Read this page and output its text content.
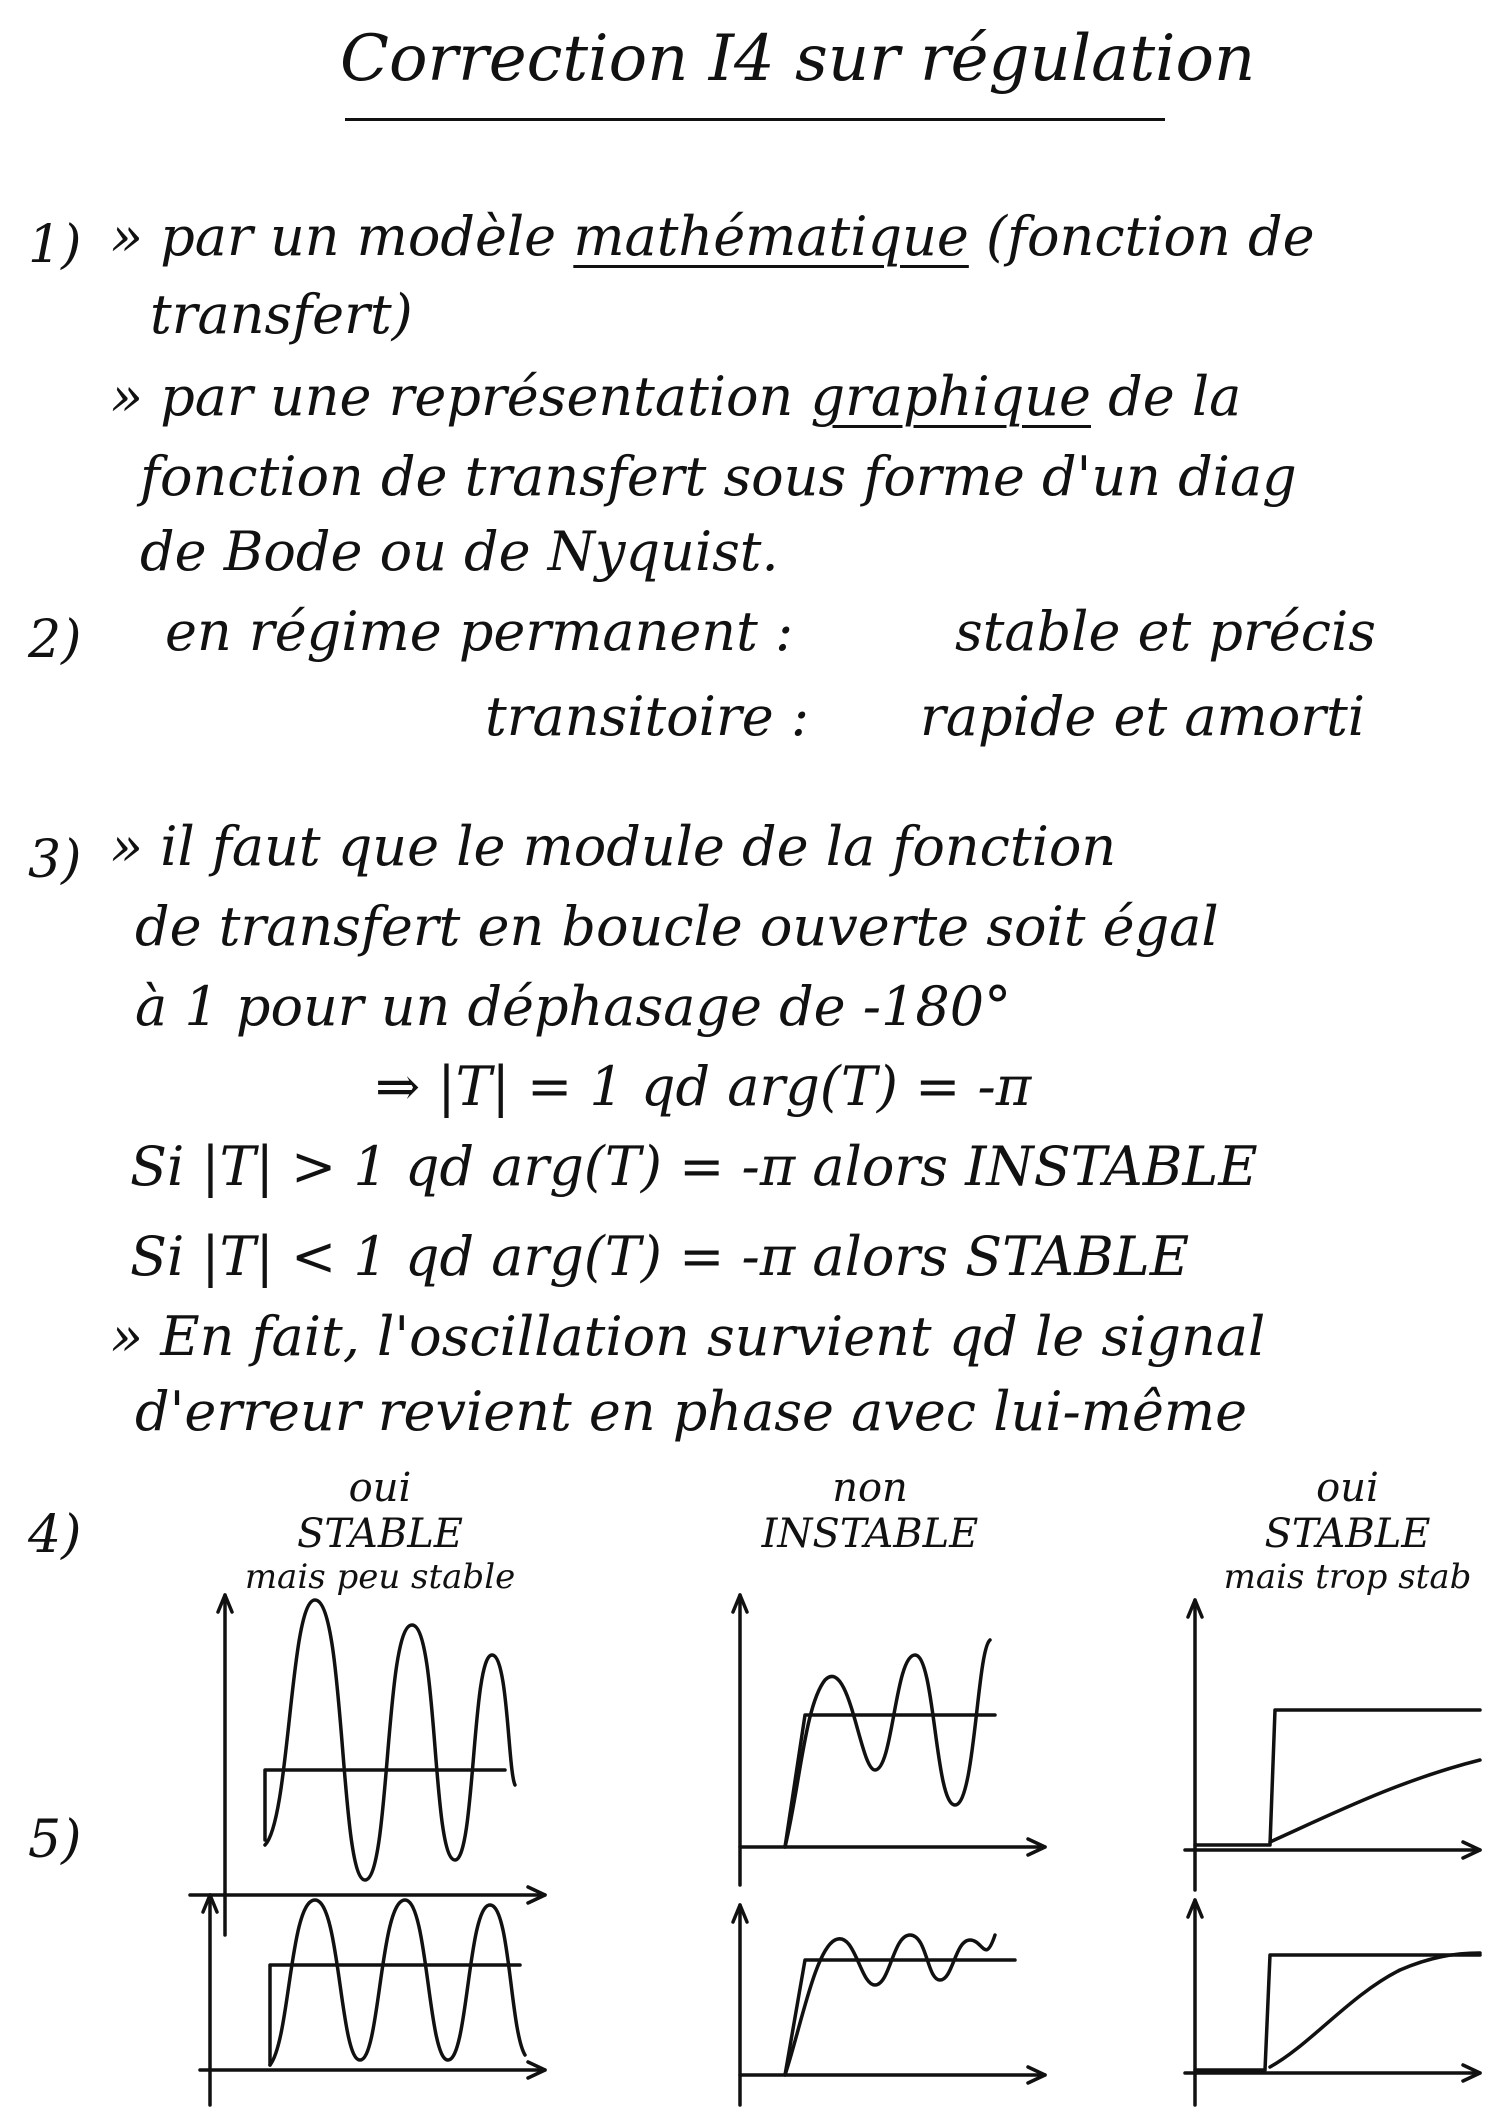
Correction I4 sur régulation
1) » par un modèle mathématique (fonction de
transfert)
» par une représentation graphique de la
fonction de transfert sous forme d'un diag
de Bode ou de Nyquist.
2) en régime permanent :	stable et précis
transitoire : rapide et amorti
3) » il faut que le module de la fonction
de transfert en boucle ouverte soit égal
à 1 pour un déphasage de -180°
⇒ |T| = 1 qd arg(T) = -π
Si |T| > 1 qd arg(T) = -π alors INSTABLE
Si |T| < 1 qd arg(T) = -π alors STABLE
» En fait, l'oscillation survient qd le signal
d'erreur revient en phase avec lui-même
4)
oui
STABLE
mais peu stable
non
INSTABLE
oui
STABLE
mais trop stab
5)
